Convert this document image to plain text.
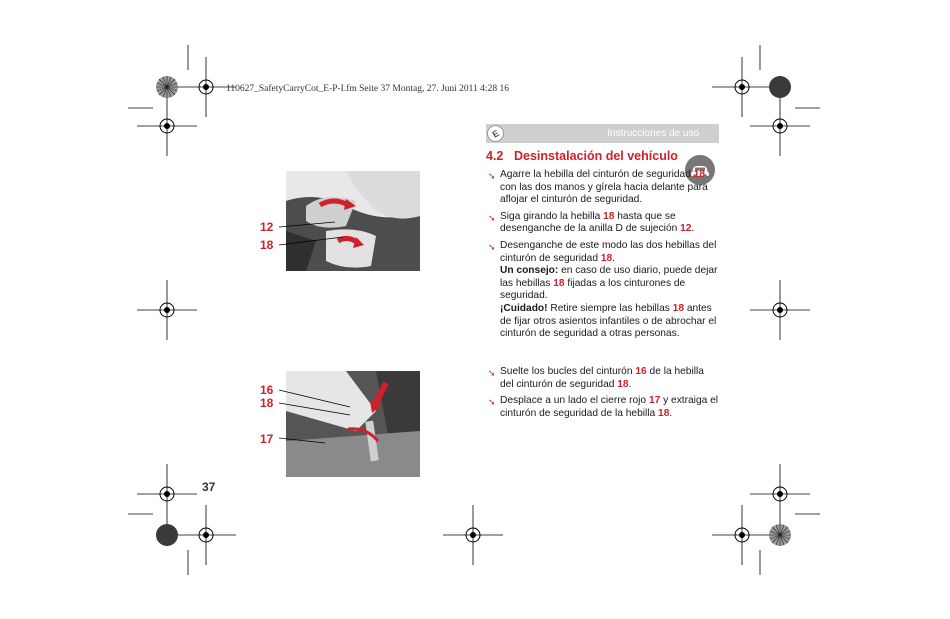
110627_SafetyCarryCot_E-P-I.fm Seite 37 Montag, 27. Juni 2011 4:28 16
E	Instrucciones de uso
4.2 Desinstalación del vehículo
➘ Agarre la hebilla del cinturón de seguridad 18 con las dos manos y gírela hacia delante para aflojar el cinturón de seguridad.
➘ Siga girando la hebilla 18 hasta que se desenganche de la anilla D de sujeción 12.
➘ Desenganche de este modo las dos hebillas del cinturón de seguridad 18.
Un consejo: en caso de uso diario, puede dejar las hebillas 18 fijadas a los cinturones de seguridad.
¡Cuidado! Retire siempre las hebillas 18 antes de fijar otros asientos infantiles o de abrochar el cinturón de seguridad a otras personas.
➘ Suelte los bucles del cinturón 16 de la hebilla del cinturón de seguridad 18.
➘ Desplace a un lado el cierre rojo 17 y extraiga el cinturón de seguridad de la hebilla 18.
12
18
16
18
17
37
